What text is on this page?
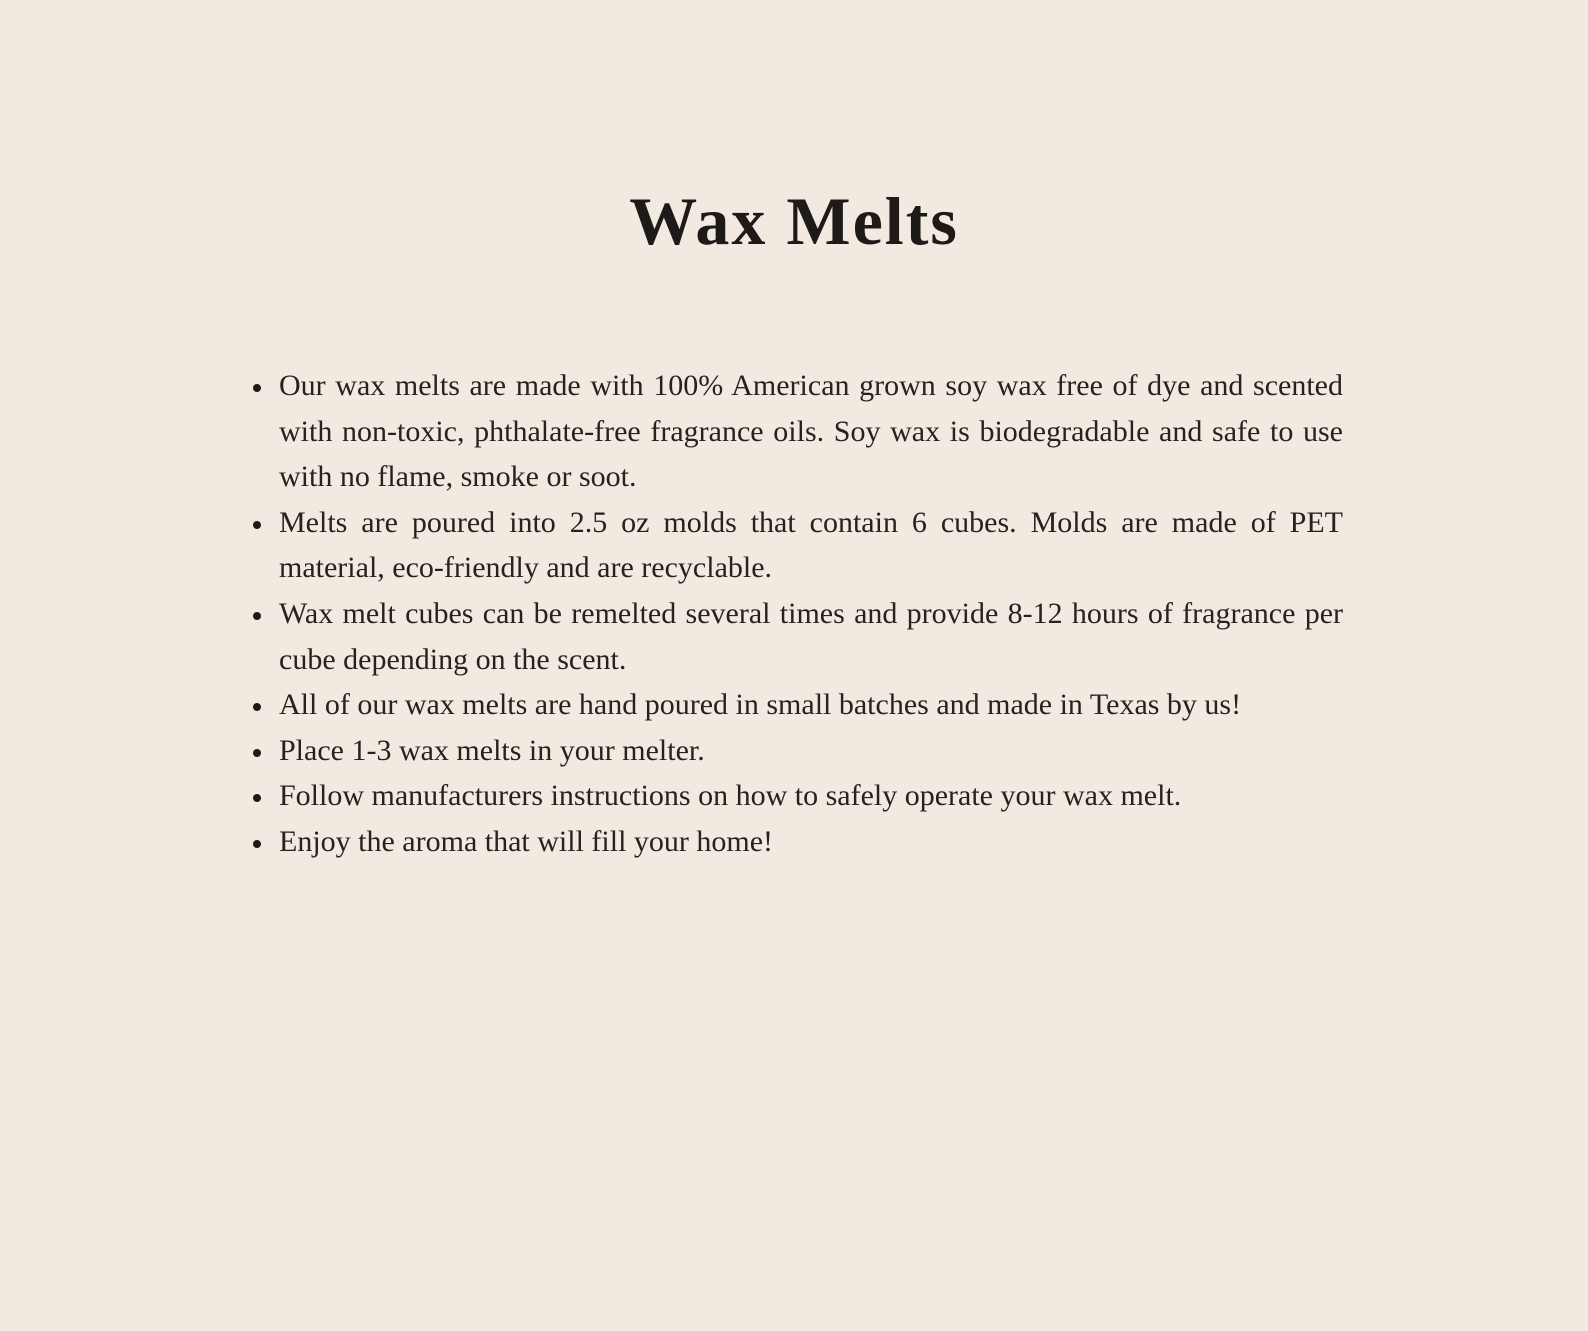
Wax Melts
• Our wax melts are made with 100% American grown soy wax free of dye and scented with non-toxic, phthalate-free fragrance oils. Soy wax is biodegradable and safe to use with no flame, smoke or soot.
• Melts are poured into 2.5 oz molds that contain 6 cubes. Molds are made of PET material, eco-friendly and are recyclable.
• Wax melt cubes can be remelted several times and provide 8-12 hours of fragrance per cube depending on the scent.
• All of our wax melts are hand poured in small batches and made in Texas by us!
• Place 1-3 wax melts in your melter.
• Follow manufacturers instructions on how to safely operate your wax melt.
• Enjoy the aroma that will fill your home!
